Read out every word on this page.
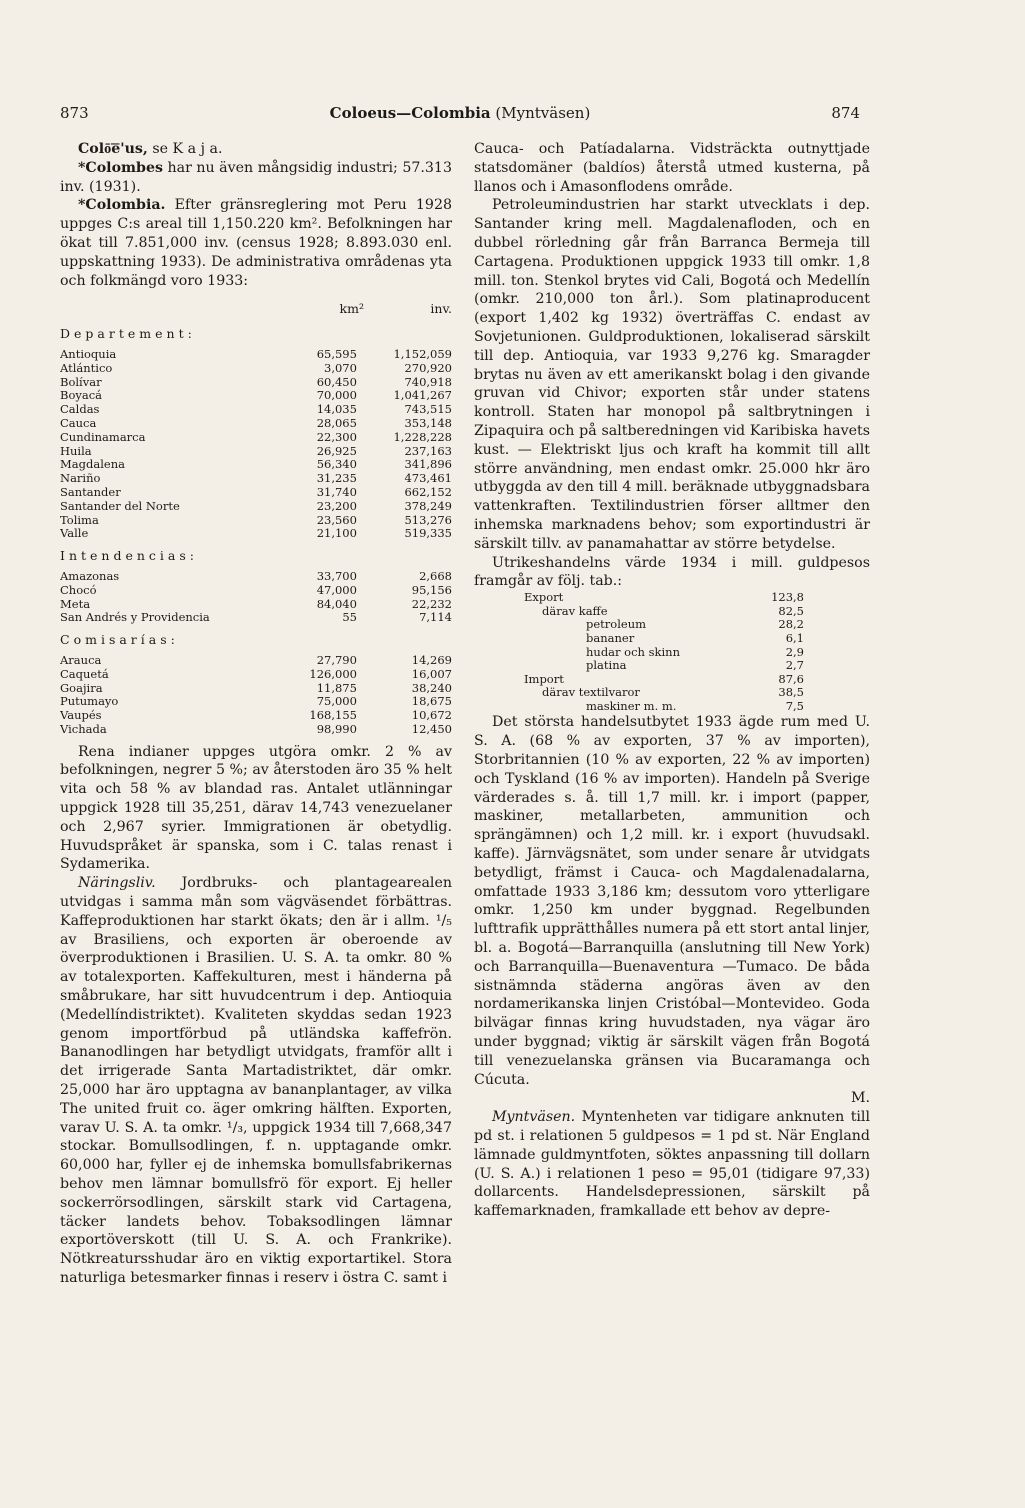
873	Coloeus—Colombia (Myntväsen)	874

Colō͞e'us, se K a j a.

*Colombes har nu även mångsidig industri; 57.313 inv. (1931).

*Colombia. Efter gränsreglering mot Peru 1928 uppges C:s areal till 1,150.220 km². Befolkningen har ökat till 7.851,000 inv. (census 1928; 8.893.030 enl. uppskattning 1933). De administrativa områdenas yta och folkmängd voro 1933:

km²	inv.
Departement:
Antioquia	65,595	1,152,059
Atlántico	3,070	270,920
Bolívar	60,450	740,918
Boyacá	70,000	1,041,267
Caldas	14,035	743,515
Cauca	28,065	353,148
Cundinamarca	22,300	1,228,228
Huila	26,925	237,163
Magdalena	56,340	341,896
Nariño	31,235	473,461
Santander	31,740	662,152
Santander del Norte	23,200	378,249
Tolima	23,560	513,276
Valle	21,100	519,335
Intendencias:
Amazonas	33,700	2,668
Chocó	47,000	95,156
Meta	84,040	22,232
San Andrés y Providencia	55	7,114
Comisarías:
Arauca	27,790	14,269
Caquetá	126,000	16,007
Goajira	11,875	38,240
Putumayo	75,000	18,675
Vaupés	168,155	10,672
Vichada	98,990	12,450

Rena indianer uppges utgöra omkr. 2 % av befolkningen, negrer 5 %; av återstoden äro 35 % helt vita och 58 % av blandad ras. Antalet utlänningar uppgick 1928 till 35,251, därav 14,743 venezuelaner och 2,967 syrier. Immigrationen är obetydlig. Huvudspråket är spanska, som i C. talas renast i Sydamerika.

Näringsliv. Jordbruks- och plantagearealen utvidgas i samma mån som vägväsendet förbättras. Kaffeproduktionen har starkt ökats; den är i allm. ¹/₅ av Brasiliens, och exporten är oberoende av överproduktionen i Brasilien. U. S. A. ta omkr. 80 % av totalexporten. Kaffekulturen, mest i händerna på småbrukare, har sitt huvudcentrum i dep. Antioquia (Medellíndistriktet). Kvaliteten skyddas sedan 1923 genom importförbud på utländska kaffefrön. Bananodlingen har betydligt utvidgats, framför allt i det irrigerade Santa Martadistriktet, där omkr. 25,000 har äro upptagna av bananplantager, av vilka The united fruit co. äger omkring hälften. Exporten, varav U. S. A. ta omkr. ¹/₃, uppgick 1934 till 7,668,347 stockar. Bomullsodlingen, f. n. upptagande omkr. 60,000 har, fyller ej de inhemska bomullsfabrikernas behov men lämnar bomullsfrö för export. Ej heller sockerrörsodlingen, särskilt stark vid Cartagena, täcker landets behov. Tobaksodlingen lämnar exportöverskott (till U. S. A. och Frankrike). Nötkreatursshudar äro en viktig exportartikel. Stora naturliga betesmarker finnas i reserv i östra C. samt i

Cauca- och Patíadalarna. Vidsträckta outnyttjade statsdomäner (baldíos) återstå utmed kusterna, på llanos och i Amasonflodens område.

Petroleumindustrien har starkt utvecklats i dep. Santander kring mell. Magdalenafloden, och en dubbel rörledning går från Barranca Bermeja till Cartagena. Produktionen uppgick 1933 till omkr. 1,8 mill. ton. Stenkol brytes vid Cali, Bogotá och Medellín (omkr. 210,000 ton årl.). Som platinaproducent (export 1,402 kg 1932) överträffas C. endast av Sovjetunionen. Guldproduktionen, lokaliserad särskilt till dep. Antioquia, var 1933 9,276 kg. Smaragder brytas nu även av ett amerikanskt bolag i den givande gruvan vid Chivor; exporten står under statens kontroll. Staten har monopol på saltbrytningen i Zipaquira och på saltberedningen vid Karibiska havets kust. — Elektriskt ljus och kraft ha kommit till allt större användning, men endast omkr. 25.000 hkr äro utbyggda av den till 4 mill. beräknade utbyggnadsbara vattenkraften. Textilindustrien förser alltmer den inhemska marknadens behov; som exportindustri är särskilt tillv. av panamahattar av större betydelse.

Utrikeshandelns värde 1934 i mill. guldpesos framgår av följ. tab.:

Export	123,8
därav kaffe	82,5
petroleum	28,2
bananer	6,1
hudar och skinn	2,9
platina	2,7
Import	87,6
därav textilvaror	38,5
maskiner m. m.	7,5

Det största handelsutbytet 1933 ägde rum med U. S. A. (68 % av exporten, 37 % av importen), Storbritannien (10 % av exporten, 22 % av importen) och Tyskland (16 % av importen). Handeln på Sverige värderades s. å. till 1,7 mill. kr. i import (papper, maskiner, metallarbeten, ammunition och sprängämnen) och 1,2 mill. kr. i export (huvudsakl. kaffe). Järnvägsnätet, som under senare år utvidgats betydligt, främst i Cauca- och Magdalenadalarna, omfattade 1933 3,186 km; dessutom voro ytterligare omkr. 1,250 km under byggnad. Regelbunden lufttrafik upprätthålles numera på ett stort antal linjer, bl. a. Bogotá—Barranquilla (anslutning till New York) och Barranquilla—Buenaventura —Tumaco. De båda sistnämnda städerna angöras även av den nordamerikanska linjen Cristóbal—Montevideo. Goda bilvägar finnas kring huvudstaden, nya vägar äro under byggnad; viktig är särskilt vägen från Bogotá till venezuelanska gränsen via Bucaramanga och Cúcuta.

M.

Myntväsen. Myntenheten var tidigare anknuten till pd st. i relationen 5 guldpesos = 1 pd st. När England lämnade guldmyntfoten, söktes anpassning till dollarn (U. S. A.) i relationen 1 peso = 95,01 (tidigare 97,33) dollarcents. Handelsdepressionen, särskilt på kaffemarknaden, framkallade ett behov av depre-
